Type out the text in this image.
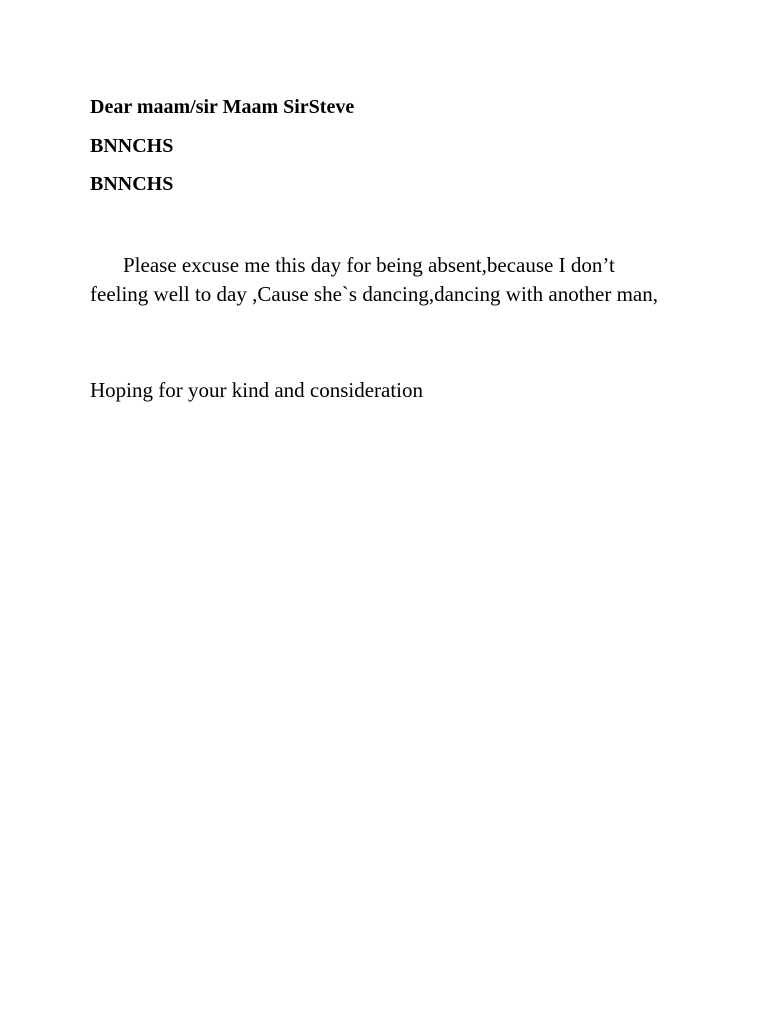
Dear maam/sir Maam SirSteve
BNNCHS
BNNCHS

Please excuse me this day for being absent,because I don’t feeling well to day ,Cause she`s dancing,dancing with another man,

Hoping for your kind and consideration
